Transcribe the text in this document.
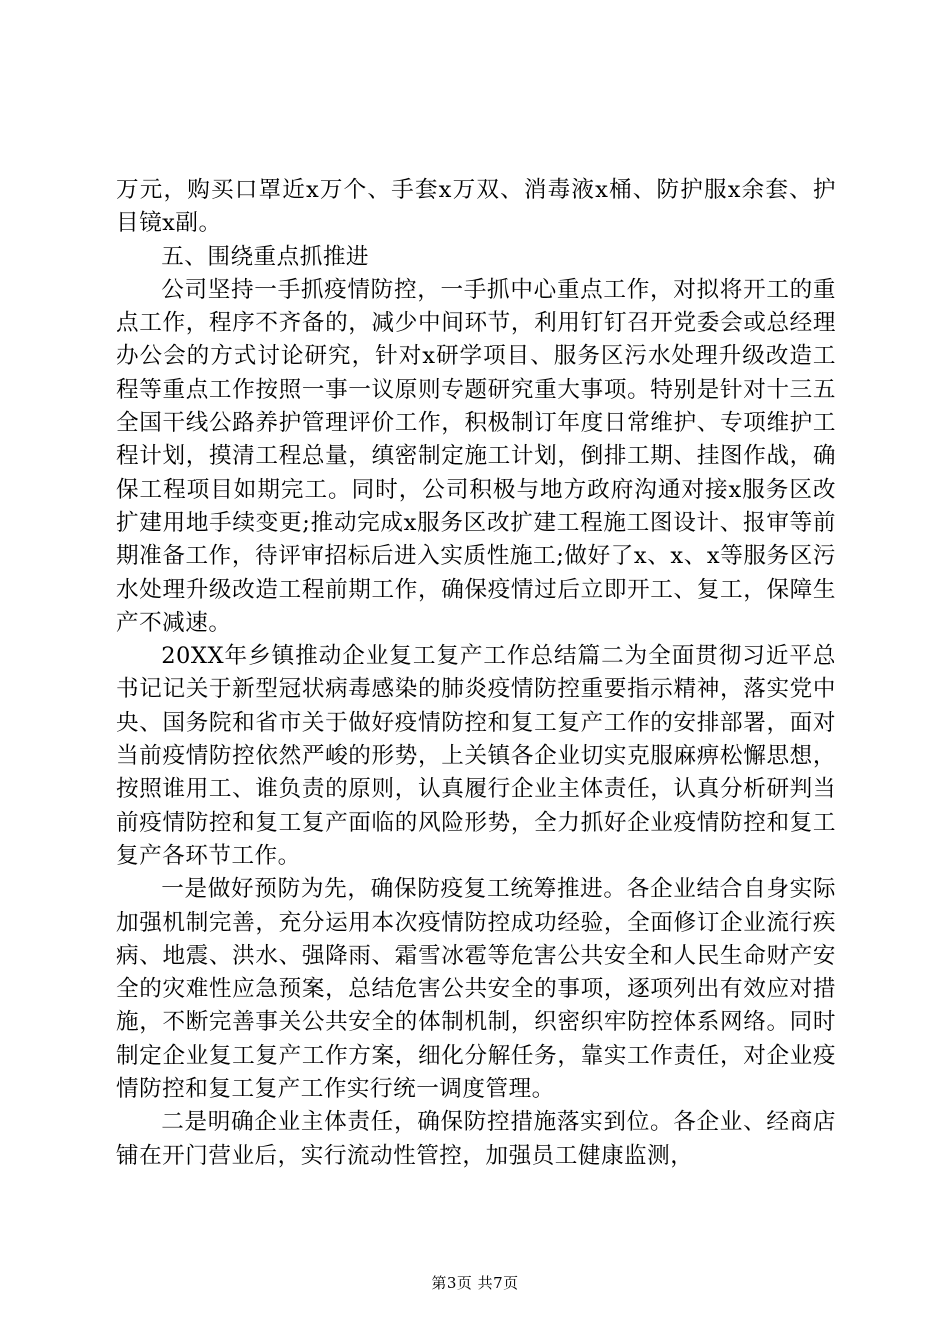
万元，购买口罩近x万个、手套x万双、消毒液x桶、防护服x余套、护目镜x副。

五、围绕重点抓推进

公司坚持一手抓疫情防控，一手抓中心重点工作，对拟将开工的重点工作，程序不齐备的，减少中间环节，利用钉钉召开党委会或总经理办公会的方式讨论研究，针对x研学项目、服务区污水处理升级改造工程等重点工作按照一事一议原则专题研究重大事项。特别是针对十三五全国干线公路养护管理评价工作，积极制订年度日常维护、专项维护工程计划，摸清工程总量，缜密制定施工计划，倒排工期、挂图作战，确保工程项目如期完工。同时，公司积极与地方政府沟通对接x服务区改扩建用地手续变更;推动完成x服务区改扩建工程施工图设计、报审等前期准备工作，待评审招标后进入实质性施工;做好了x、x、x等服务区污水处理升级改造工程前期工作，确保疫情过后立即开工、复工，保障生产不减速。

20XX年乡镇推动企业复工复产工作总结篇二为全面贯彻习近平总书记记关于新型冠状病毒感染的肺炎疫情防控重要指示精神，落实党中央、国务院和省市关于做好疫情防控和复工复产工作的安排部署，面对当前疫情防控依然严峻的形势，上关镇各企业切实克服麻痹松懈思想，按照谁用工、谁负责的原则，认真履行企业主体责任，认真分析研判当前疫情防控和复工复产面临的风险形势，全力抓好企业疫情防控和复工复产各环节工作。

一是做好预防为先，确保防疫复工统筹推进。各企业结合自身实际加强机制完善，充分运用本次疫情防控成功经验，全面修订企业流行疾病、地震、洪水、强降雨、霜雪冰雹等危害公共安全和人民生命财产安全的灾难性应急预案，总结危害公共安全的事项，逐项列出有效应对措施，不断完善事关公共安全的体制机制，织密织牢防控体系网络。同时制定企业复工复产工作方案，细化分解任务，靠实工作责任，对企业疫情防控和复工复产工作实行统一调度管理。

二是明确企业主体责任，确保防控措施落实到位。各企业、经商店铺在开门营业后，实行流动性管控，加强员工健康监测，

第3页 共7页
